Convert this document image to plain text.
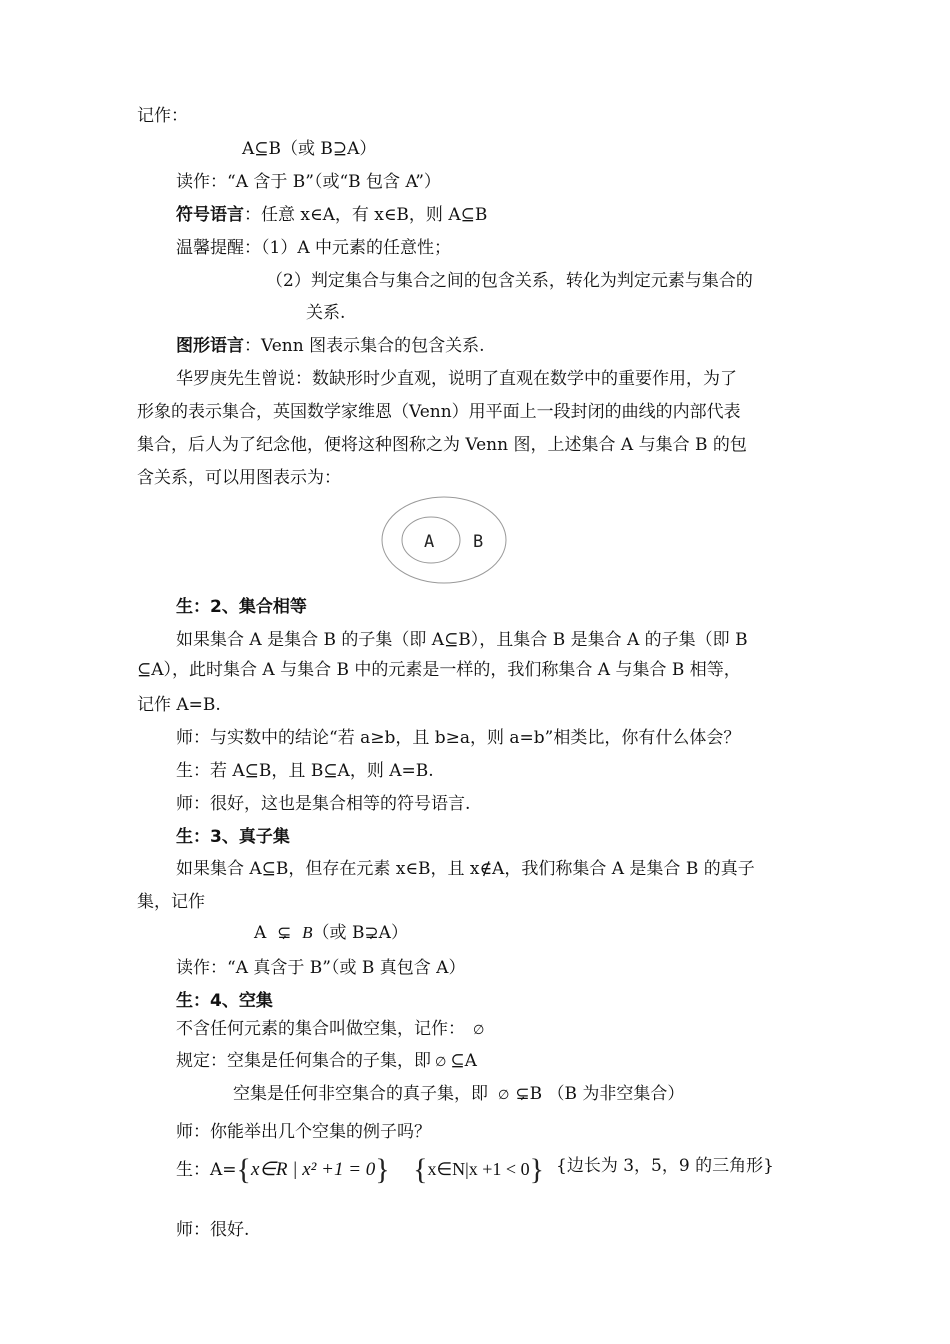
记作：
A⊆B（或 B⊇A）
读作：“A 含于 B”（或“B 包含 A”）
符号语言：任意 x∈A，有 x∈B，则 A⊆B
温馨提醒：（1）A 中元素的任意性；
（2）判定集合与集合之间的包含关系，转化为判定元素与集合的
关系.
图形语言：Venn 图表示集合的包含关系.
华罗庚先生曾说：数缺形时少直观，说明了直观在数学中的重要作用，为了
形象的表示集合，英国数学家维恩（Venn）用平面上一段封闭的曲线的内部代表
集合，后人为了纪念他，便将这种图称之为 Venn 图，上述集合 A 与集合 B 的包
含关系，可以用图表示为：
A B
生：2、集合相等
如果集合 A 是集合 B 的子集（即 A⊆B），且集合 B 是集合 A 的子集（即 B
⊆A），此时集合 A 与集合 B 中的元素是一样的，我们称集合 A 与集合 B 相等，
记作 A=B.
师：与实数中的结论“若 a≥b，且 b≥a，则 a=b”相类比，你有什么体会？
生：若 A⊆B，且 B⊆A，则 A=B.
师：很好，这也是集合相等的符号语言.
生：3、真子集
如果集合 A⊆B，但存在元素 x∈B，且 x∉A，我们称集合 A 是集合 B 的真子
集，记作
A ⊊ B（或 B⊋A）
读作：“A 真含于 B”（或 B 真包含 A）
生：4、空集
不含任何元素的集合叫做空集，记作： ∅
规定：空集是任何集合的子集，即 ∅ ⊆A
空集是任何非空集合的真子集，即 ∅ ⊊B （B 为非空集合）
师：你能举出几个空集的例子吗？
生：A={x∈R | x² +1 = 0} {x∈N|x +1 < 0} {边长为 3，5，9 的三角形}
师：很好.
